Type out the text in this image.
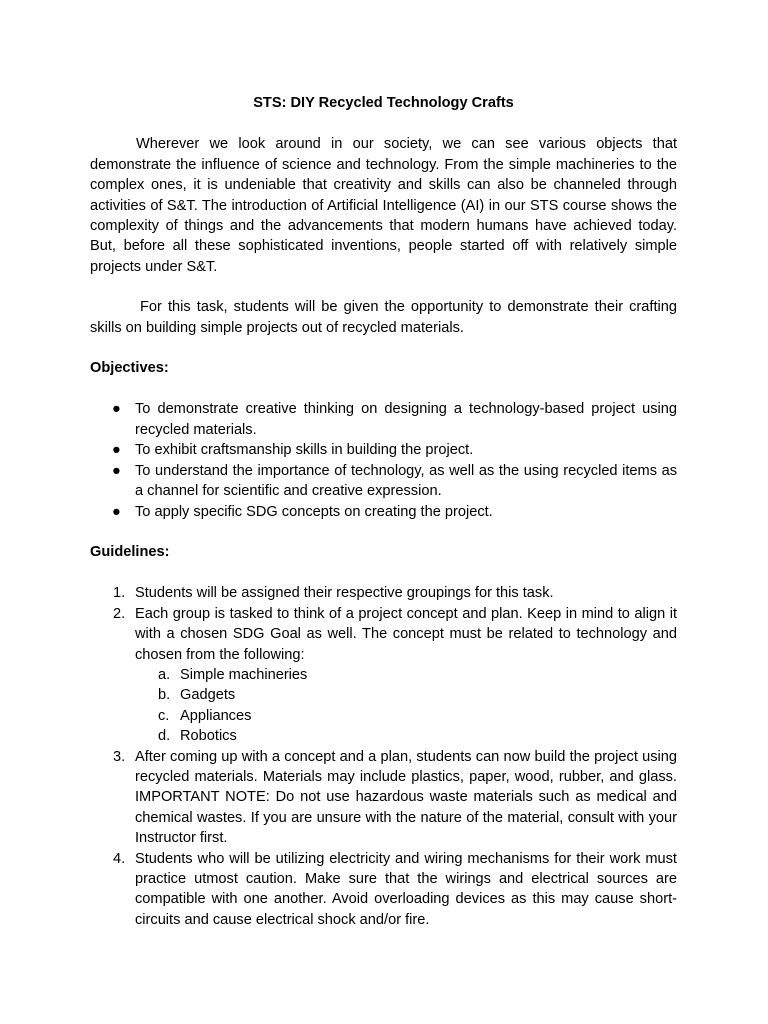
STS: DIY Recycled Technology Crafts

Wherever we look around in our society, we can see various objects that demonstrate the influence of science and technology. From the simple machineries to the complex ones, it is undeniable that creativity and skills can also be channeled through activities of S&T. The introduction of Artificial Intelligence (AI) in our STS course shows the complexity of things and the advancements that modern humans have achieved today. But, before all these sophisticated inventions, people started off with relatively simple projects under S&T.

For this task, students will be given the opportunity to demonstrate their crafting skills on building simple projects out of recycled materials.

Objectives:
● To demonstrate creative thinking on designing a technology-based project using recycled materials.
● To exhibit craftsmanship skills in building the project.
● To understand the importance of technology, as well as the using recycled items as a channel for scientific and creative expression.
● To apply specific SDG concepts on creating the project.
Guidelines:
1. Students will be assigned their respective groupings for this task.
2. Each group is tasked to think of a project concept and plan. Keep in mind to align it with a chosen SDG Goal as well. The concept must be related to technology and chosen from the following:
a. Simple machineries
b. Gadgets
c. Appliances
d. Robotics
3. After coming up with a concept and a plan, students can now build the project using recycled materials. Materials may include plastics, paper, wood, rubber, and glass. IMPORTANT NOTE: Do not use hazardous waste materials such as medical and chemical wastes. If you are unsure with the nature of the material, consult with your Instructor first.
4. Students who will be utilizing electricity and wiring mechanisms for their work must practice utmost caution. Make sure that the wirings and electrical sources are compatible with one another. Avoid overloading devices as this may cause short-circuits and cause electrical shock and/or fire.
